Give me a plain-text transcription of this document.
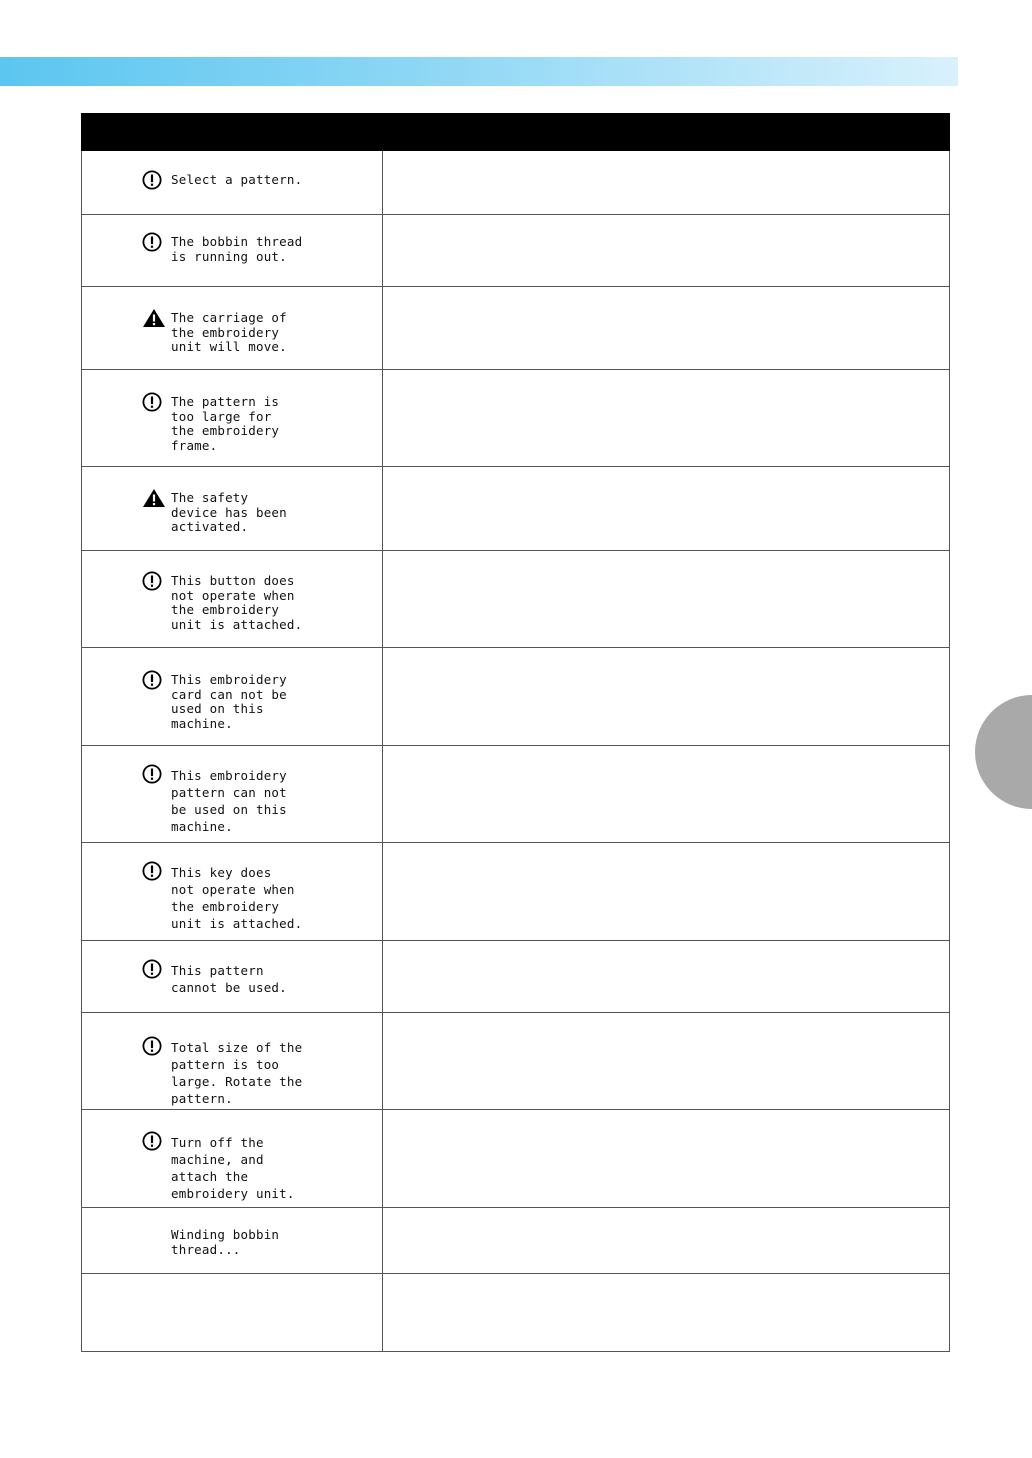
Select a pattern.	

The bobbin thread
is running out.	

The carriage of
the embroidery
unit will move.	

The pattern is
too large for
the embroidery
frame.	

The safety
device has been
activated.	

This button does
not operate when
the embroidery
unit is attached.	

This embroidery
card can not be
used on this
machine.	

This embroidery
pattern can not
be used on this
machine.	

This key does
not operate when
the embroidery
unit is attached.	

This pattern
cannot be used.	

Total size of the
pattern is too
large. Rotate the
pattern.	

Turn off the
machine, and
attach the
embroidery unit.	

Winding bobbin
thread...	
